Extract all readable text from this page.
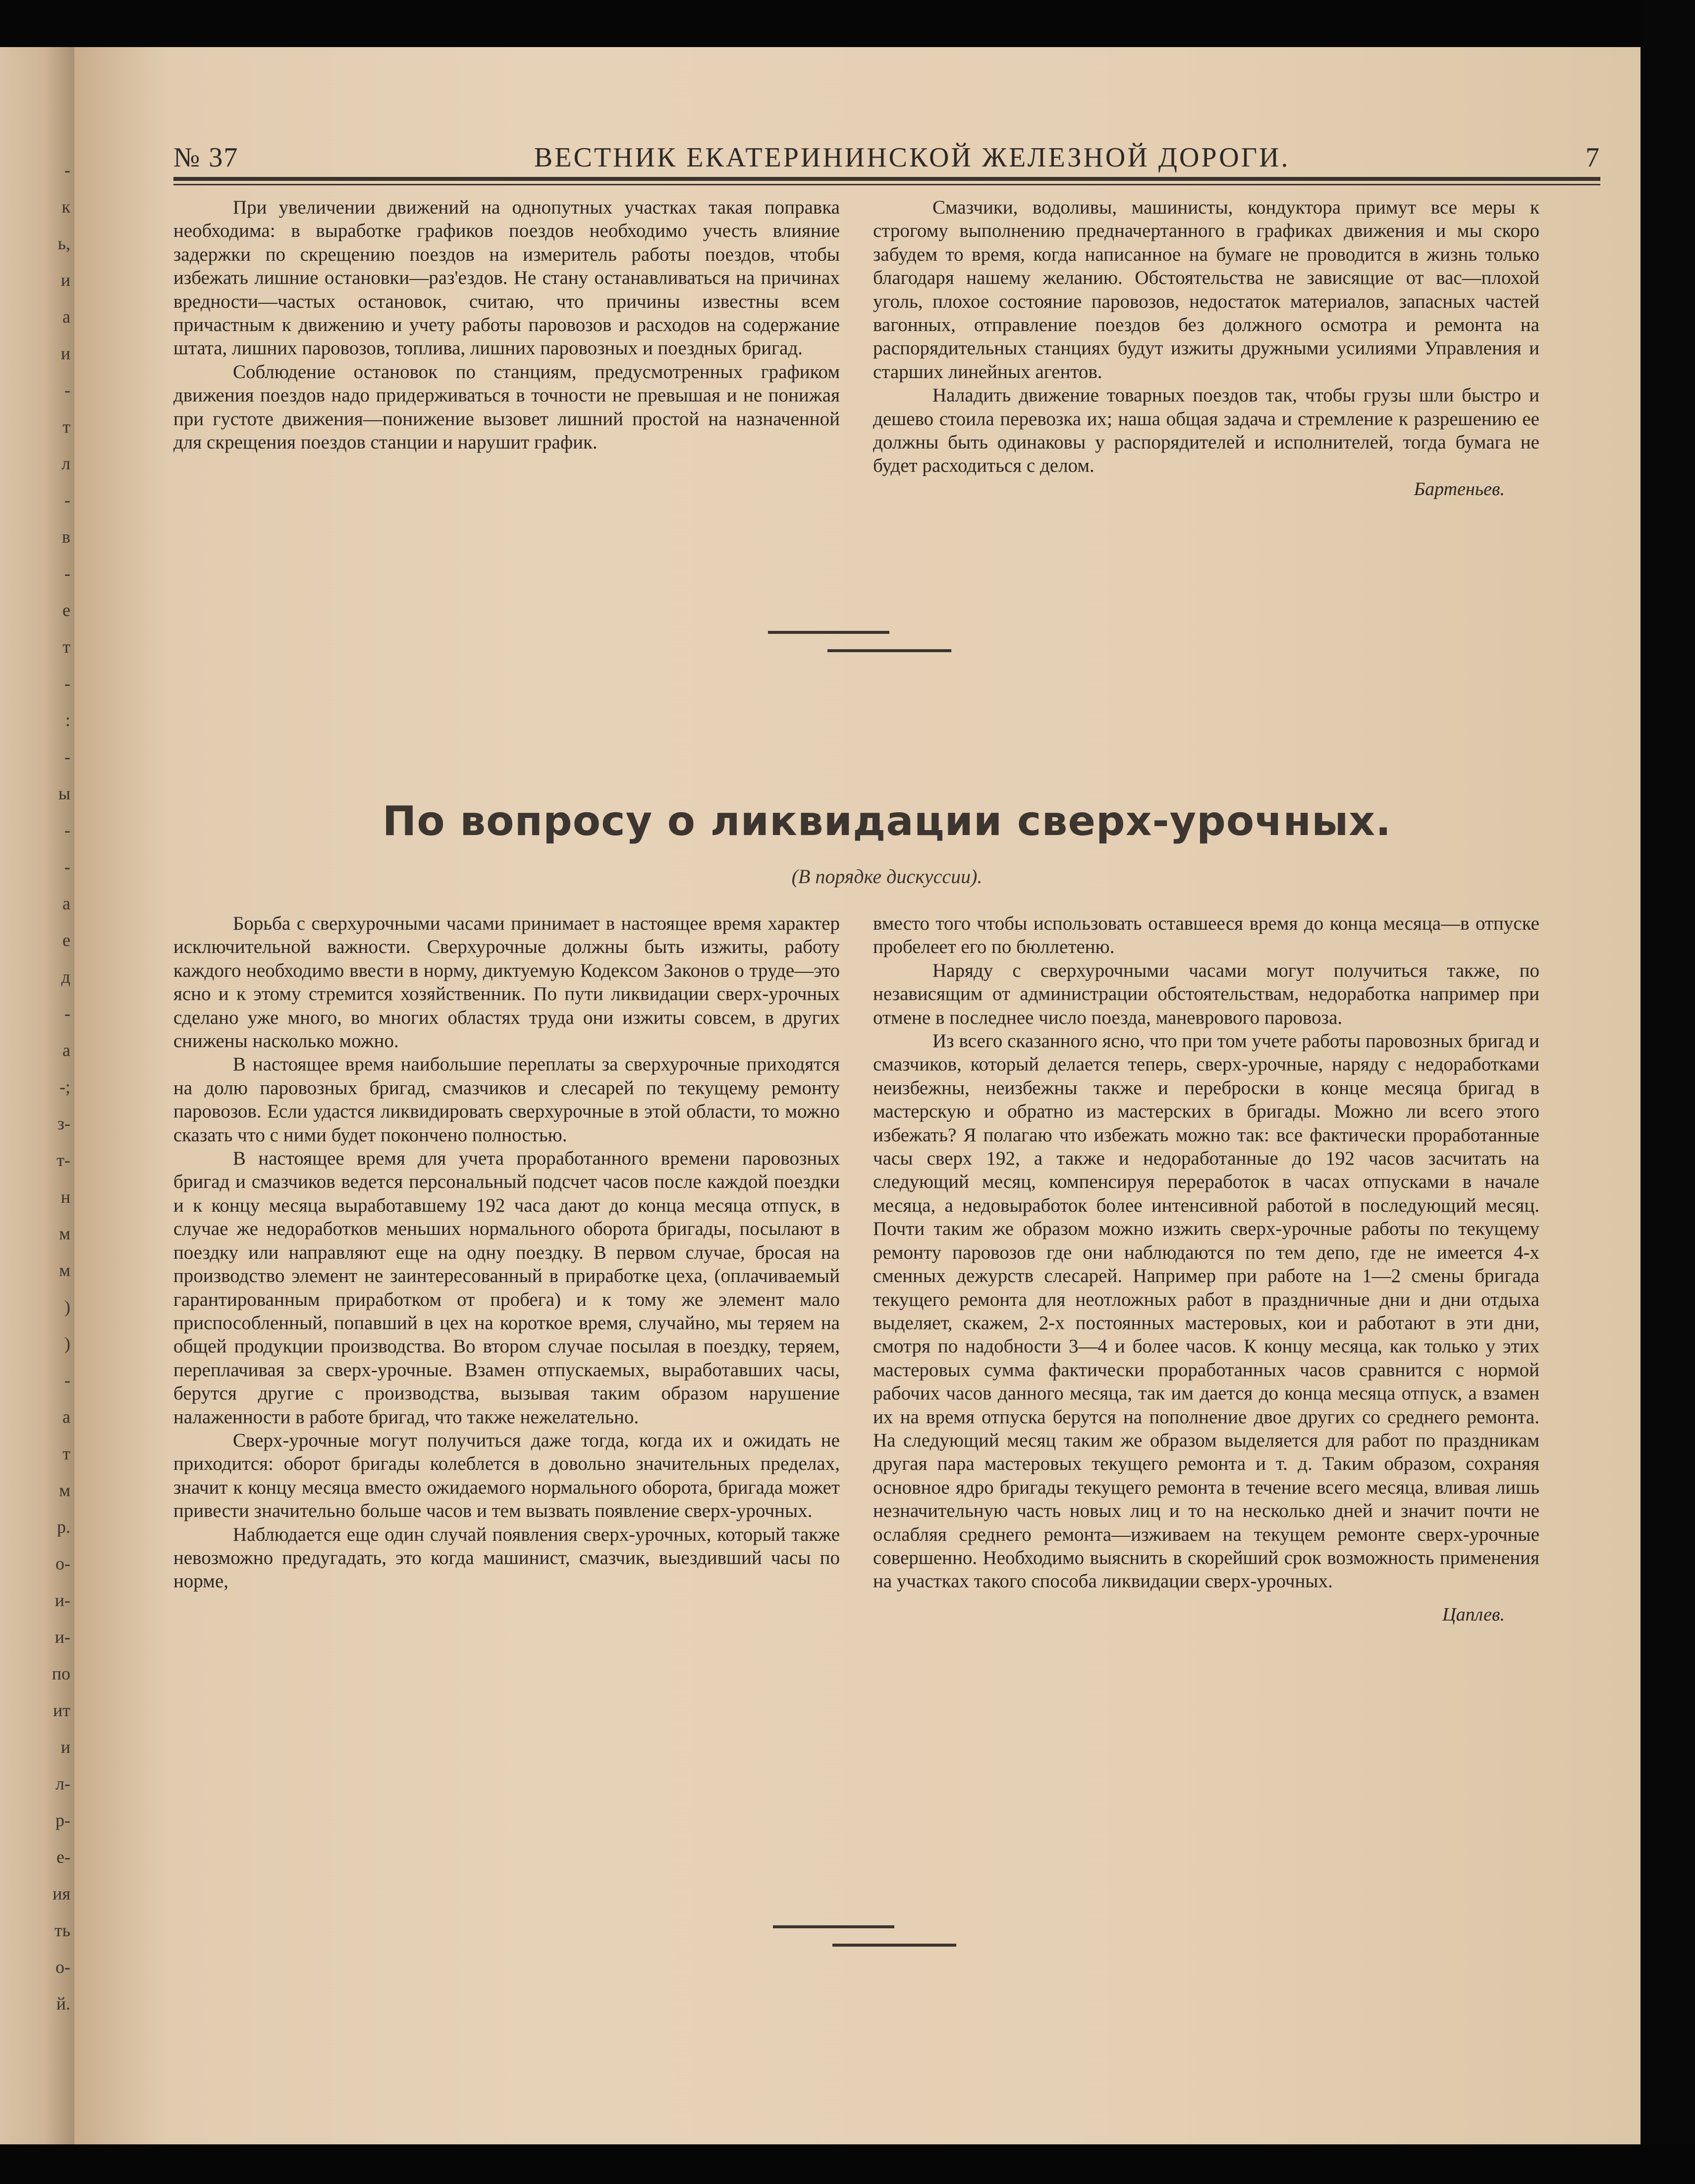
-
к
ь,
и
а
и
-
т
л
-
в
-
е
т
-
:
-
ы
-
-
а
е
д
-
а
-;
з-
т-
н
м
м
)
)
-
а
т
м
р.
о-
и-
и-
по
ит
и
л-
р-
е-
ия
ть
о-
й.
№ 37	ВЕСТНИК ЕКАТЕРИНИНСКОЙ ЖЕЛЕЗНОЙ ДОРОГИ.	7

При увеличении движений на однопутных участках такая поправка необходима: в выработке графиков поездов необходимо учесть влияние задержки по скрещению поездов на измеритель работы поездов, чтобы избежать лишние остановки—раз'ездов. Не стану останавливаться на причинах вредности—частых остановок, считаю, что причины известны всем причастным к движению и учету работы паровозов и расходов на содержание штата, лишних паровозов, топлива, лишних паровозных и поездных бригад.

Соблюдение остановок по станциям, предусмотренных графиком движения поездов надо придерживаться в точности не превышая и не понижая при густоте движения—понижение вызовет лишний простой на назначенной для скрещения поездов станции и нарушит график.

Смазчики, водоливы, машинисты, кондуктора примут все меры к строгому выполнению предначертанного в графиках движения и мы скоро забудем то время, когда написанное на бумаге не проводится в жизнь только благодаря нашему желанию. Обстоятельства не зависящие от вас—плохой уголь, плохое состояние паровозов, недостаток материалов, запасных частей вагонных, отправление поездов без должного осмотра и ремонта на распорядительных станциях будут изжиты дружными усилиями Управления и старших линейных агентов.

Наладить движение товарных поездов так, чтобы грузы шли быстро и дешево стоила перевозка их; наша общая задача и стремление к разрешению ее должны быть одинаковы у распорядителей и исполнителей, тогда бумага не будет расходиться с делом.

Бартеньев.

По вопросу о ликвидации сверх-урочных.
(В порядке дискуссии).

Борьба с сверхурочными часами принимает в настоящее время характер исключительной важности. Сверхурочные должны быть изжиты, работу каждого необходимо ввести в норму, диктуемую Кодексом Законов о труде—это ясно и к этому стремится хозяйственник. По пути ликвидации сверх-урочных сделано уже много, во многих областях труда они изжиты совсем, в других снижены насколько можно.

В настоящее время наибольшие переплаты за сверхурочные приходятся на долю паровозных бригад, смазчиков и слесарей по текущему ремонту паровозов. Если удастся ликвидировать сверхурочные в этой области, то можно сказать что с ними будет покончено полностью.

В настоящее время для учета проработанного времени паровозных бригад и смазчиков ведется персональный подсчет часов после каждой поездки и к концу месяца выработавшему 192 часа дают до конца месяца отпуск, в случае же недоработков меньших нормального оборота бригады, посылают в поездку или направляют еще на одну поездку. В первом случае, бросая на производство элемент не заинтересованный в приработке цеха, (оплачиваемый гарантированным приработком от пробега) и к тому же элемент мало приспособленный, попавший в цех на короткое время, случайно, мы теряем на общей продукции производства. Во втором случае посылая в поездку, теряем, переплачивая за сверх-урочные. Взамен отпускаемых, выработавших часы, берутся другие с производства, вызывая таким образом нарушение налаженности в работе бригад, что также нежелательно.

Сверх-урочные могут получиться даже тогда, когда их и ожидать не приходится: оборот бригады колеблется в довольно значительных пределах, значит к концу месяца вместо ожидаемого нормального оборота, бригада может привести значительно больше часов и тем вызвать появление сверх-урочных.

Наблюдается еще один случай появления сверх-урочных, который также невозможно предугадать, это когда машинист, смазчик, выездивший часы по норме,

вместо того чтобы использовать оставшееся время до конца месяца—в отпуске пробелеет его по бюллетеню.

Наряду с сверхурочными часами могут получиться также, по независящим от администрации обстоятельствам, недоработка например при отмене в последнее число поезда, маневрового паровоза.

Из всего сказанного ясно, что при том учете работы паровозных бригад и смазчиков, который делается теперь, сверх-урочные, наряду с недоработками неизбежны, неизбежны также и переброски в конце месяца бригад в мастерскую и обратно из мастерских в бригады. Можно ли всего этого избежать? Я полагаю что избежать можно так: все фактически проработанные часы сверх 192, а также и недоработанные до 192 часов засчитать на следующий месяц, компенсируя переработок в часах отпусками в начале месяца, а недовыработок более интенсивной работой в последующий месяц. Почти таким же образом можно изжить сверх-урочные работы по текущему ремонту паровозов где они наблюдаются по тем депо, где не имеется 4-х сменных дежурств слесарей. Например при работе на 1—2 смены бригада текущего ремонта для неотложных работ в праздничные дни и дни отдыха выделяет, скажем, 2-х постоянных мастеровых, кои и работают в эти дни, смотря по надобности 3—4 и более часов. К концу месяца, как только у этих мастеровых сумма фактически проработанных часов сравнится с нормой рабочих часов данного месяца, так им дается до конца месяца отпуск, а взамен их на время отпуска берутся на пополнение двое других со среднего ремонта. На следующий месяц таким же образом выделяется для работ по праздникам другая пара мастеровых текущего ремонта и т. д. Таким образом, сохраняя основное ядро бригады текущего ремонта в течение всего месяца, вливая лишь незначительную часть новых лиц и то на несколько дней и значит почти не ослабляя среднего ремонта—изживаем на текущем ремонте сверх-урочные совершенно. Необходимо выяснить в скорейший срок возможность применения на участках такого способа ликвидации сверх-урочных.

Цаплев.
